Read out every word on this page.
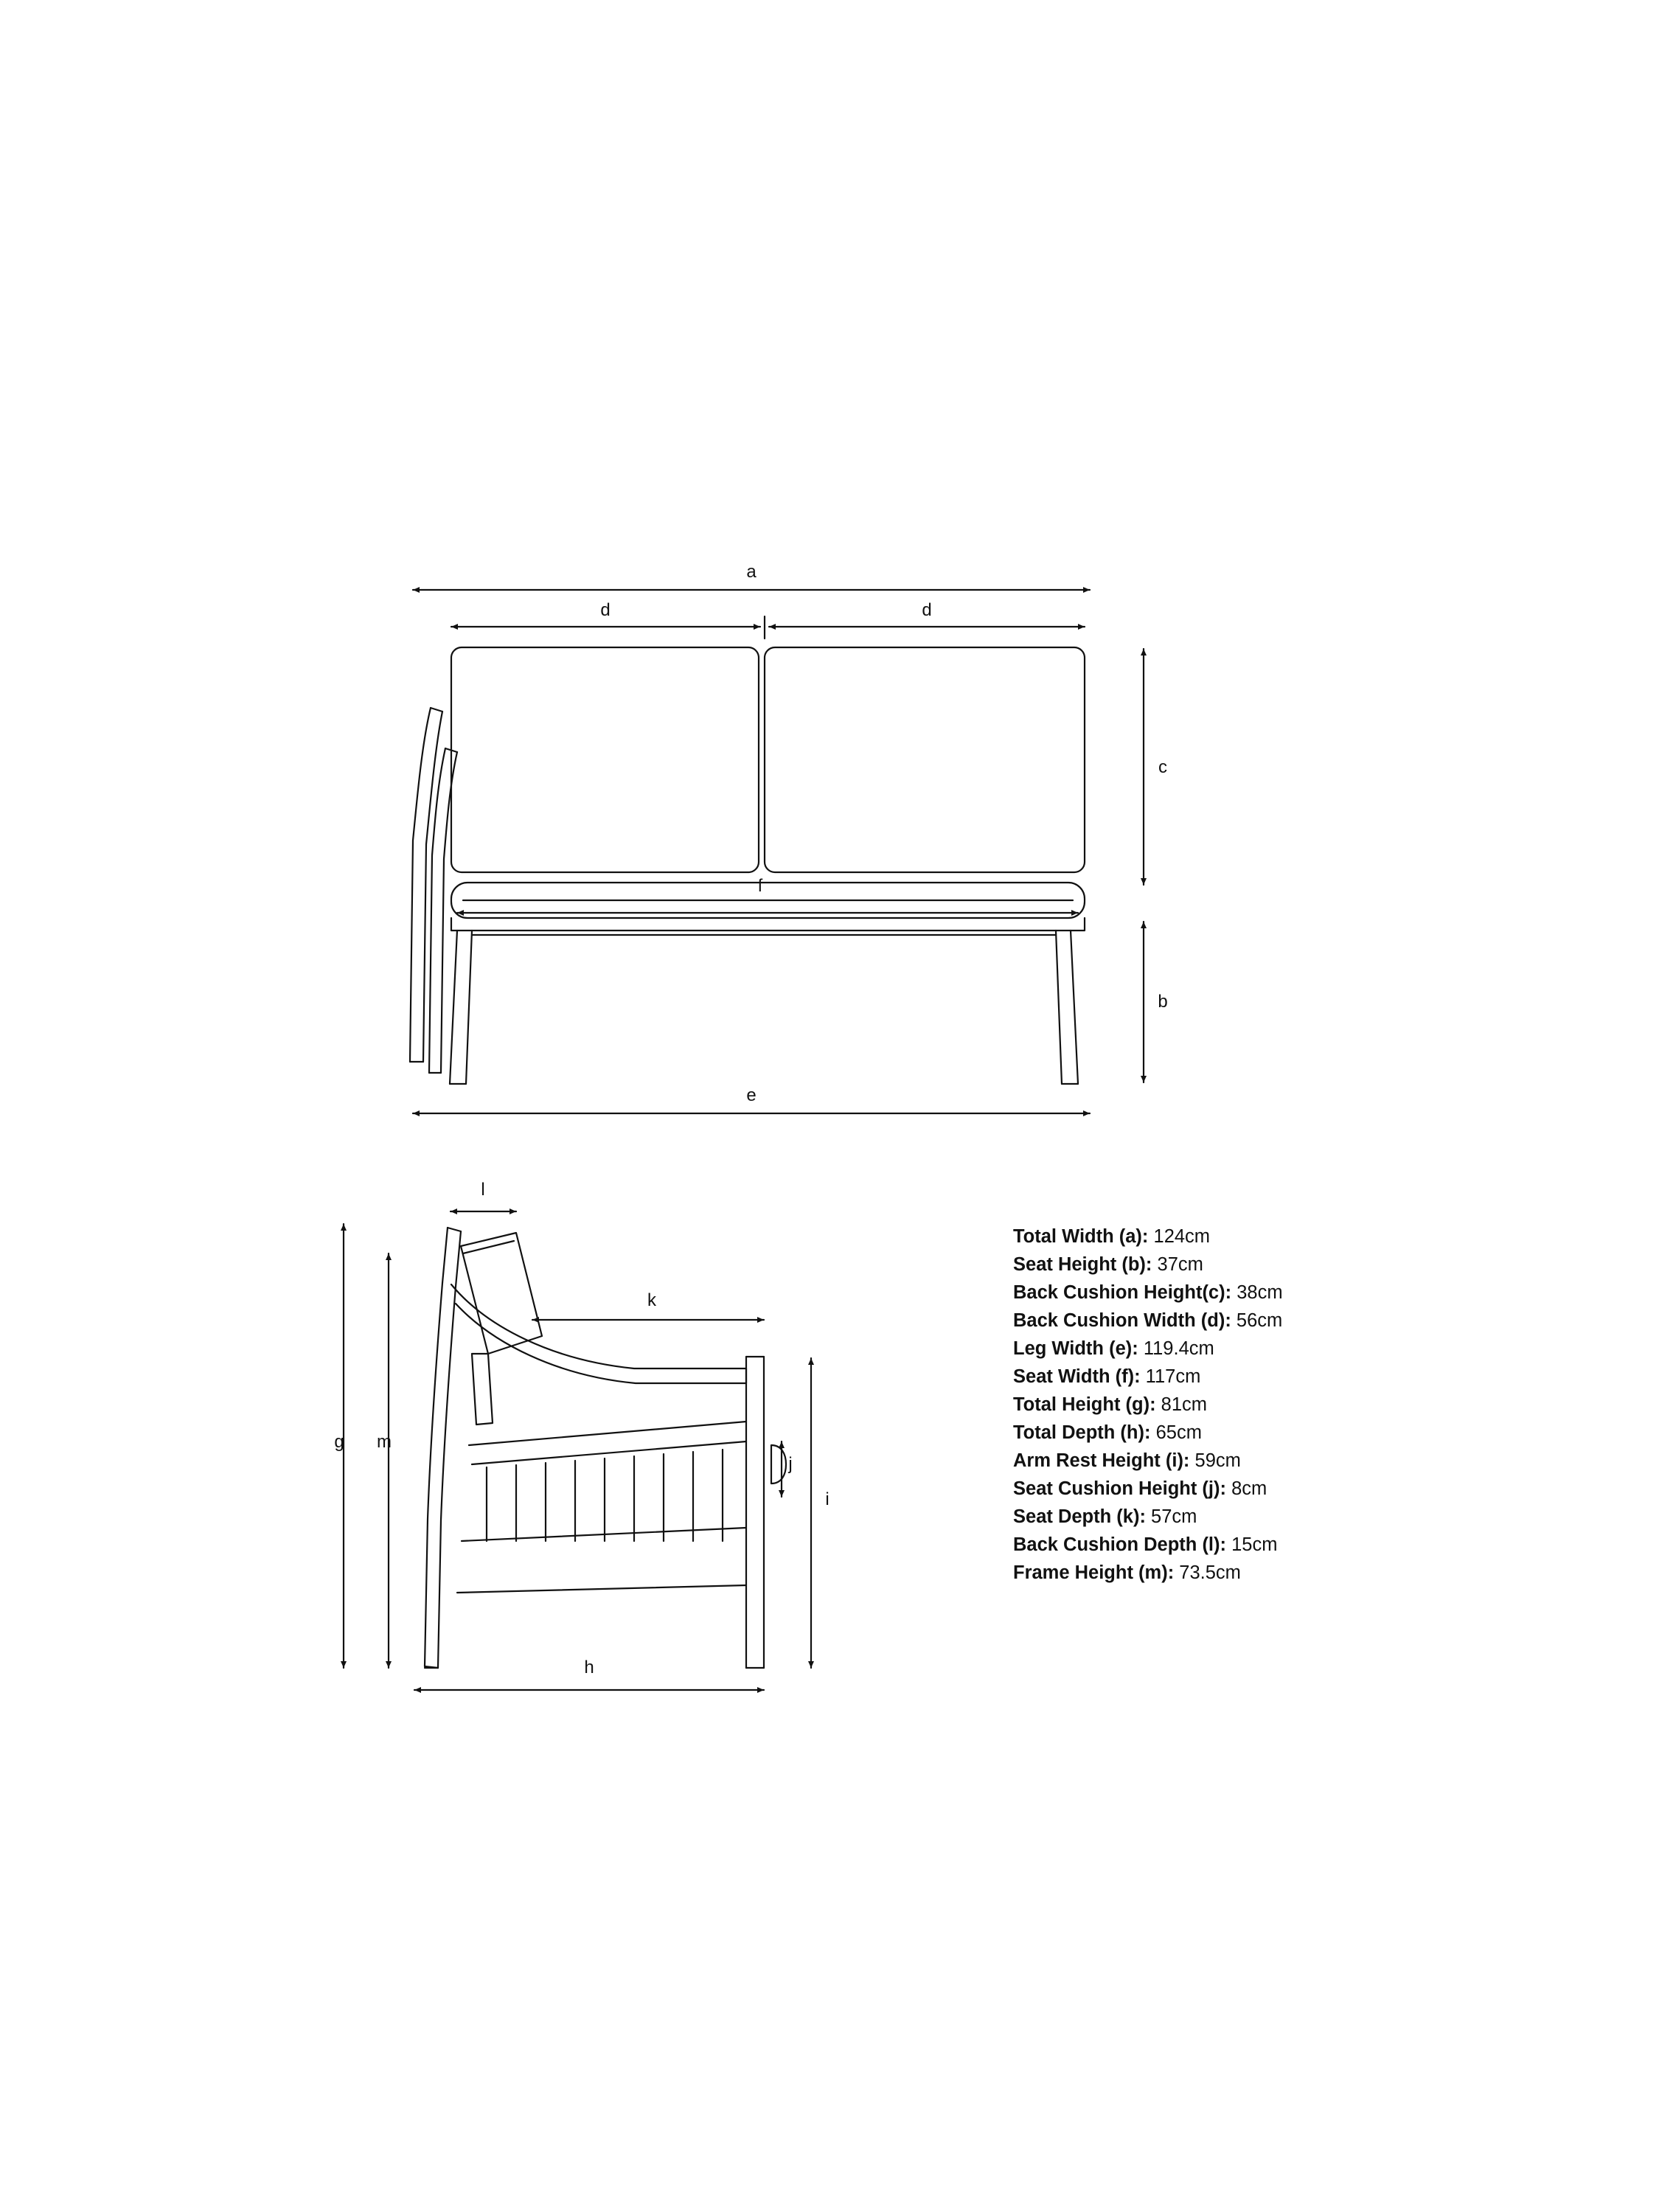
a
d	d
c
b
f
e
l
k
g m
j
i
h
Total Width (a): 124cm
Seat Height (b): 37cm
Back Cushion Height(c): 38cm
Back Cushion Width (d): 56cm
Leg Width (e): 119.4cm
Seat Width (f): 117cm
Total Height (g): 81cm
Total Depth (h): 65cm
Arm Rest Height (i): 59cm
Seat Cushion Height (j): 8cm
Seat Depth (k): 57cm
Back Cushion Depth (l): 15cm
Frame Height (m): 73.5cm
